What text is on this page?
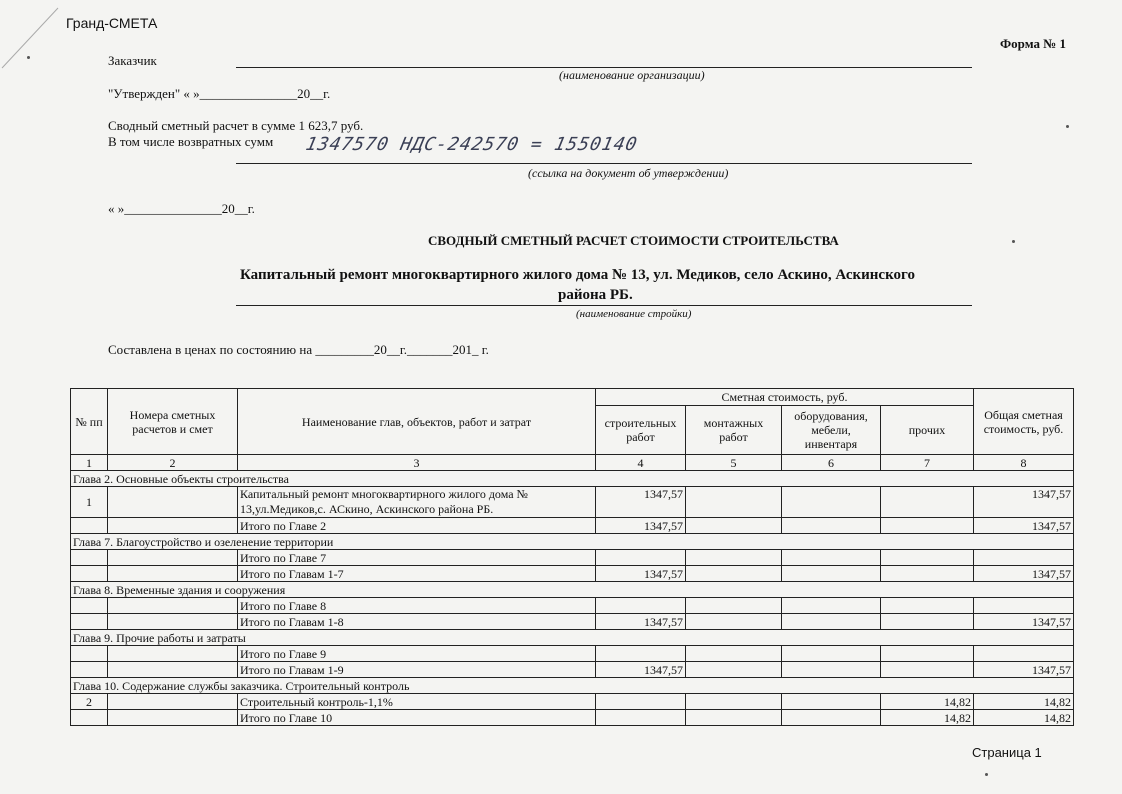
Гранд-СМЕТА
Форма № 1
Заказчик
(наименование организации)
"Утвержден" « »_______________20__г.
Сводный сметный расчет в сумме 1 623,7 руб.
В том числе возвратных сумм 1347570 НДС-242570 = 1550140
(ссылка на документ об утверждении)
« »_______________20__г.
СВОДНЫЙ СМЕТНЫЙ РАСЧЕТ СТОИМОСТИ СТРОИТЕЛЬСТВА
Капитальный ремонт многоквартирного жилого дома № 13, ул. Медиков, село Аскино, Аскинского
района РБ.
(наименование стройки)
Составлена в ценах по состоянию на _________20__г._______201_ г.
№ пп	Номера сметных расчетов и смет	Наименование глав, объектов, работ и затрат	Сметная стоимость, руб.				Общая сметная стоимость, руб.
			строительных работ	монтажных работ	оборудования, мебели, инвентаря	прочих	
1	2	3	4	5	6	7	8
Глава 2. Основные объекты строительства							
1		Капитальный ремонт многоквартирного жилого дома №
13,ул.Медиков,с. АСкино, Аскинского района РБ.	1347,57				1347,57
		Итого по Главе 2	1347,57				1347,57
Глава 7. Благоустройство и озеленение территории							
		Итого по Главе 7					
		Итого по Главам 1-7	1347,57				1347,57
Глава 8. Временные здания и сооружения							
		Итого по Главе 8					
		Итого по Главам 1-8	1347,57				1347,57
Глава 9. Прочие работы и затраты							
		Итого по Главе 9					
		Итого по Главам 1-9	1347,57				1347,57
Глава 10. Содержание службы заказчика. Строительный контроль							
2		Строительный контроль-1,1%				14,82	14,82
		Итого по Главе 10				14,82	14,82
Страница 1
